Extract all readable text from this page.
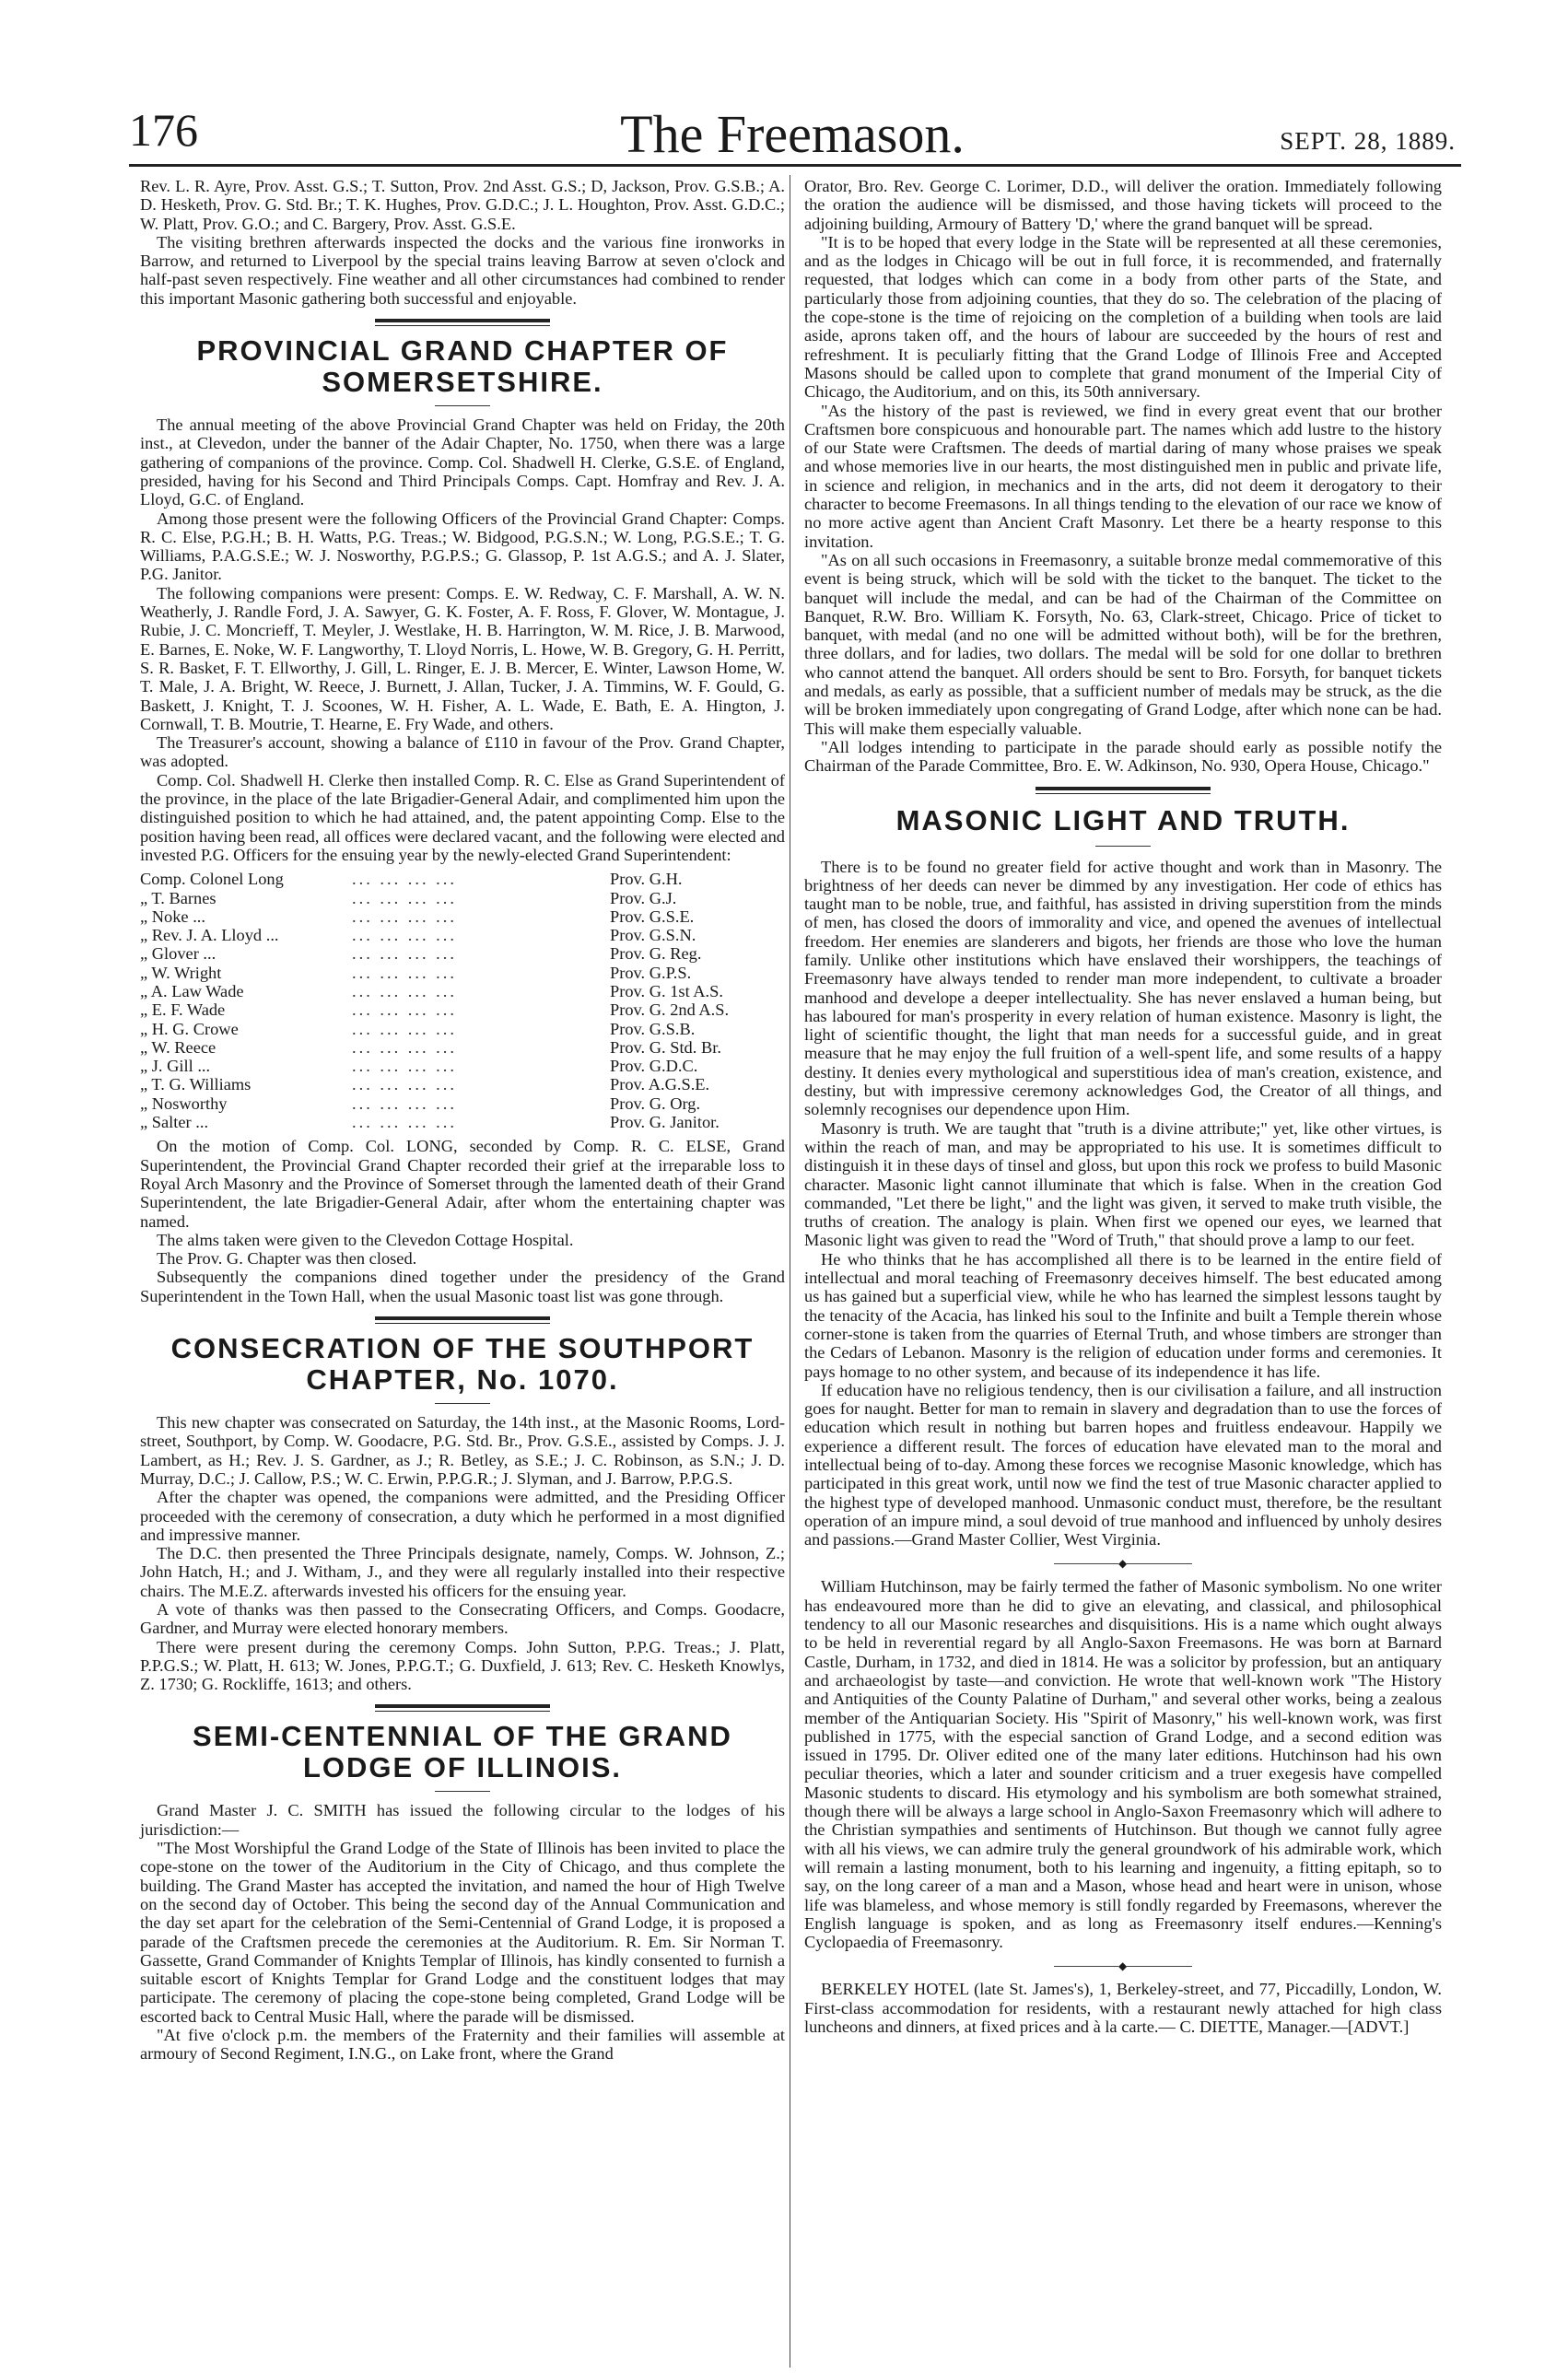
176	The Freemason.	SEPT. 28, 1889.

Rev. L. R. Ayre, Prov. Asst. G.S.; T. Sutton, Prov. 2nd Asst. G.S.; D, Jackson, Prov. G.S.B.; A. D. Hesketh, Prov. G. Std. Br.; T. K. Hughes, Prov. G.D.C.; J. L. Houghton, Prov. Asst. G.D.C.; W. Platt, Prov. G.O.; and C. Bargery, Prov. Asst. G.S.E.

The visiting brethren afterwards inspected the docks and the various fine ironworks in Barrow, and returned to Liverpool by the special trains leaving Barrow at seven o'clock and half-past seven respectively. Fine weather and all other circumstances had combined to render this important Masonic gathering both successful and enjoyable.

PROVINCIAL GRAND CHAPTER OF SOMERSETSHIRE.

The annual meeting of the above Provincial Grand Chapter was held on Friday, the 20th inst., at Clevedon, under the banner of the Adair Chapter, No. 1750, when there was a large gathering of companions of the province. Comp. Col. Shadwell H. Clerke, G.S.E. of England, presided, having for his Second and Third Principals Comps. Capt. Homfray and Rev. J. A. Lloyd, G.C. of England.

Among those present were the following Officers of the Provincial Grand Chapter: Comps. R. C. Else, P.G.H.; B. H. Watts, P.G. Treas.; W. Bidgood, P.G.S.N.; W. Long, P.G.S.E.; T. G. Williams, P.A.G.S.E.; W. J. Nosworthy, P.G.P.S.; G. Glassop, P. 1st A.G.S.; and A. J. Slater, P.G. Janitor.

The following companions were present: Comps. E. W. Redway, C. F. Marshall, A. W. N. Weatherly, J. Randle Ford, J. A. Sawyer, G. K. Foster, A. F. Ross, F. Glover, W. Montague, J. Rubie, J. C. Moncrieff, T. Meyler, J. Westlake, H. B. Harrington, W. M. Rice, J. B. Marwood, E. Barnes, E. Noke, W. F. Langworthy, T. Lloyd Norris, L. Howe, W. B. Gregory, G. H. Perritt, S. R. Basket, F. T. Ellworthy, J. Gill, L. Ringer, E. J. B. Mercer, E. Winter, Lawson Home, W. T. Male, J. A. Bright, W. Reece, J. Burnett, J. Allan, Tucker, J. A. Timmins, W. F. Gould, G. Baskett, J. Knight, T. J. Scoones, W. H. Fisher, A. L. Wade, E. Bath, E. A. Hington, J. Cornwall, T. B. Moutrie, T. Hearne, E. Fry Wade, and others.

The Treasurer's account, showing a balance of £110 in favour of the Prov. Grand Chapter, was adopted.

Comp. Col. Shadwell H. Clerke then installed Comp. R. C. Else as Grand Superintendent of the province, in the place of the late Brigadier-General Adair, and complimented him upon the distinguished position to which he had attained, and, the patent appointing Comp. Else to the position having been read, all offices were declared vacant, and the following were elected and invested P.G. Officers for the ensuing year by the newly-elected Grand Superintendent:

Comp. Colonel Long	... ... ... ...	Prov. G.H.
„ T. Barnes	... ... ... ...	Prov. G.J.
„ Noke ...	... ... ... ...	Prov. G.S.E.
„ Rev. J. A. Lloyd ...	... ... ... ...	Prov. G.S.N.
„ Glover ...	... ... ... ...	Prov. G. Reg.
„ W. Wright	... ... ... ...	Prov. G.P.S.
„ A. Law Wade	... ... ... ...	Prov. G. 1st A.S.
„ E. F. Wade	... ... ... ...	Prov. G. 2nd A.S.
„ H. G. Crowe	... ... ... ...	Prov. G.S.B.
„ W. Reece	... ... ... ...	Prov. G. Std. Br.
„ J. Gill ...	... ... ... ...	Prov. G.D.C.
„ T. G. Williams	... ... ... ...	Prov. A.G.S.E.
„ Nosworthy	... ... ... ...	Prov. G. Org.
„ Salter ...	... ... ... ...	Prov. G. Janitor.

On the motion of Comp. Col. LONG, seconded by Comp. R. C. ELSE, Grand Superintendent, the Provincial Grand Chapter recorded their grief at the irreparable loss to Royal Arch Masonry and the Province of Somerset through the lamented death of their Grand Superintendent, the late Brigadier-General Adair, after whom the entertaining chapter was named.

The alms taken were given to the Clevedon Cottage Hospital.

The Prov. G. Chapter was then closed.

Subsequently the companions dined together under the presidency of the Grand Superintendent in the Town Hall, when the usual Masonic toast list was gone through.

CONSECRATION OF THE SOUTHPORT CHAPTER, No. 1070.

This new chapter was consecrated on Saturday, the 14th inst., at the Masonic Rooms, Lord-street, Southport, by Comp. W. Goodacre, P.G. Std. Br., Prov. G.S.E., assisted by Comps. J. J. Lambert, as H.; Rev. J. S. Gardner, as J.; R. Betley, as S.E.; J. C. Robinson, as S.N.; J. D. Murray, D.C.; J. Callow, P.S.; W. C. Erwin, P.P.G.R.; J. Slyman, and J. Barrow, P.P.G.S.

After the chapter was opened, the companions were admitted, and the Presiding Officer proceeded with the ceremony of consecration, a duty which he performed in a most dignified and impressive manner.

The D.C. then presented the Three Principals designate, namely, Comps. W. Johnson, Z.; John Hatch, H.; and J. Witham, J., and they were all regularly installed into their respective chairs. The M.E.Z. afterwards invested his officers for the ensuing year.

A vote of thanks was then passed to the Consecrating Officers, and Comps. Goodacre, Gardner, and Murray were elected honorary members.

There were present during the ceremony Comps. John Sutton, P.P.G. Treas.; J. Platt, P.P.G.S.; W. Platt, H. 613; W. Jones, P.P.G.T.; G. Duxfield, J. 613; Rev. C. Hesketh Knowlys, Z. 1730; G. Rockliffe, 1613; and others.

SEMI-CENTENNIAL OF THE GRAND LODGE OF ILLINOIS.

Grand Master J. C. SMITH has issued the following circular to the lodges of his jurisdiction:—

"The Most Worshipful the Grand Lodge of the State of Illinois has been invited to place the cope-stone on the tower of the Auditorium in the City of Chicago, and thus complete the building. The Grand Master has accepted the invitation, and named the hour of High Twelve on the second day of October. This being the second day of the Annual Communication and the day set apart for the celebration of the Semi-Centennial of Grand Lodge, it is proposed a parade of the Craftsmen precede the ceremonies at the Auditorium. R. Em. Sir Norman T. Gassette, Grand Commander of Knights Templar of Illinois, has kindly consented to furnish a suitable escort of Knights Templar for Grand Lodge and the constituent lodges that may participate. The ceremony of placing the cope-stone being completed, Grand Lodge will be escorted back to Central Music Hall, where the parade will be dismissed.

"At five o'clock p.m. the members of the Fraternity and their families will assemble at armoury of Second Regiment, I.N.G., on Lake front, where the Grand

Orator, Bro. Rev. George C. Lorimer, D.D., will deliver the oration. Immediately following the oration the audience will be dismissed, and those having tickets will proceed to the adjoining building, Armoury of Battery 'D,' where the grand banquet will be spread.

"It is to be hoped that every lodge in the State will be represented at all these ceremonies, and as the lodges in Chicago will be out in full force, it is recommended, and fraternally requested, that lodges which can come in a body from other parts of the State, and particularly those from adjoining counties, that they do so. The celebration of the placing of the cope-stone is the time of rejoicing on the completion of a building when tools are laid aside, aprons taken off, and the hours of labour are succeeded by the hours of rest and refreshment. It is peculiarly fitting that the Grand Lodge of Illinois Free and Accepted Masons should be called upon to complete that grand monument of the Imperial City of Chicago, the Auditorium, and on this, its 50th anniversary.

"As the history of the past is reviewed, we find in every great event that our brother Craftsmen bore conspicuous and honourable part. The names which add lustre to the history of our State were Craftsmen. The deeds of martial daring of many whose praises we speak and whose memories live in our hearts, the most distinguished men in public and private life, in science and religion, in mechanics and in the arts, did not deem it derogatory to their character to become Freemasons. In all things tending to the elevation of our race we know of no more active agent than Ancient Craft Masonry. Let there be a hearty response to this invitation.

"As on all such occasions in Freemasonry, a suitable bronze medal commemorative of this event is being struck, which will be sold with the ticket to the banquet. The ticket to the banquet will include the medal, and can be had of the Chairman of the Committee on Banquet, R.W. Bro. William K. Forsyth, No. 63, Clark-street, Chicago. Price of ticket to banquet, with medal (and no one will be admitted without both), will be for the brethren, three dollars, and for ladies, two dollars. The medal will be sold for one dollar to brethren who cannot attend the banquet. All orders should be sent to Bro. Forsyth, for banquet tickets and medals, as early as possible, that a sufficient number of medals may be struck, as the die will be broken immediately upon congregating of Grand Lodge, after which none can be had. This will make them especially valuable.

"All lodges intending to participate in the parade should early as possible notify the Chairman of the Parade Committee, Bro. E. W. Adkinson, No. 930, Opera House, Chicago."

MASONIC LIGHT AND TRUTH.

There is to be found no greater field for active thought and work than in Masonry. The brightness of her deeds can never be dimmed by any investigation. Her code of ethics has taught man to be noble, true, and faithful, has assisted in driving superstition from the minds of men, has closed the doors of immorality and vice, and opened the avenues of intellectual freedom. Her enemies are slanderers and bigots, her friends are those who love the human family. Unlike other institutions which have enslaved their worshippers, the teachings of Freemasonry have always tended to render man more independent, to cultivate a broader manhood and develope a deeper intellectuality. She has never enslaved a human being, but has laboured for man's prosperity in every relation of human existence. Masonry is light, the light of scientific thought, the light that man needs for a successful guide, and in great measure that he may enjoy the full fruition of a well-spent life, and some results of a happy destiny. It denies every mythological and superstitious idea of man's creation, existence, and destiny, but with impressive ceremony acknowledges God, the Creator of all things, and solemnly recognises our dependence upon Him.

Masonry is truth. We are taught that "truth is a divine attribute;" yet, like other virtues, is within the reach of man, and may be appropriated to his use. It is sometimes difficult to distinguish it in these days of tinsel and gloss, but upon this rock we profess to build Masonic character. Masonic light cannot illuminate that which is false. When in the creation God commanded, "Let there be light," and the light was given, it served to make truth visible, the truths of creation. The analogy is plain. When first we opened our eyes, we learned that Masonic light was given to read the "Word of Truth," that should prove a lamp to our feet.

He who thinks that he has accomplished all there is to be learned in the entire field of intellectual and moral teaching of Freemasonry deceives himself. The best educated among us has gained but a superficial view, while he who has learned the simplest lessons taught by the tenacity of the Acacia, has linked his soul to the Infinite and built a Temple therein whose corner-stone is taken from the quarries of Eternal Truth, and whose timbers are stronger than the Cedars of Lebanon. Masonry is the religion of education under forms and ceremonies. It pays homage to no other system, and because of its independence it has life.

If education have no religious tendency, then is our civilisation a failure, and all instruction goes for naught. Better for man to remain in slavery and degradation than to use the forces of education which result in nothing but barren hopes and fruitless endeavour. Happily we experience a different result. The forces of education have elevated man to the moral and intellectual being of to-day. Among these forces we recognise Masonic knowledge, which has participated in this great work, until now we find the test of true Masonic character applied to the highest type of developed manhood. Unmasonic conduct must, therefore, be the resultant operation of an impure mind, a soul devoid of true manhood and influenced by unholy desires and passions.—Grand Master Collier, West Virginia.

◆

William Hutchinson, may be fairly termed the father of Masonic symbolism. No one writer has endeavoured more than he did to give an elevating, and classical, and philosophical tendency to all our Masonic researches and disquisitions. His is a name which ought always to be held in reverential regard by all Anglo-Saxon Freemasons. He was born at Barnard Castle, Durham, in 1732, and died in 1814. He was a solicitor by profession, but an antiquary and archaeologist by taste—and conviction. He wrote that well-known work "The History and Antiquities of the County Palatine of Durham," and several other works, being a zealous member of the Antiquarian Society. His "Spirit of Masonry," his well-known work, was first published in 1775, with the especial sanction of Grand Lodge, and a second edition was issued in 1795. Dr. Oliver edited one of the many later editions. Hutchinson had his own peculiar theories, which a later and sounder criticism and a truer exegesis have compelled Masonic students to discard. His etymology and his symbolism are both somewhat strained, though there will be always a large school in Anglo-Saxon Freemasonry which will adhere to the Christian sympathies and sentiments of Hutchinson. But though we cannot fully agree with all his views, we can admire truly the general groundwork of his admirable work, which will remain a lasting monument, both to his learning and ingenuity, a fitting epitaph, so to say, on the long career of a man and a Mason, whose head and heart were in unison, whose life was blameless, and whose memory is still fondly regarded by Freemasons, wherever the English language is spoken, and as long as Freemasonry itself endures.—Kenning's Cyclopaedia of Freemasonry.

◆

BERKELEY HOTEL (late St. James's), 1, Berkeley-street, and 77, Piccadilly, London, W. First-class accommodation for residents, with a restaurant newly attached for high class luncheons and dinners, at fixed prices and à la carte.— C. DIETTE, Manager.—[ADVT.]
